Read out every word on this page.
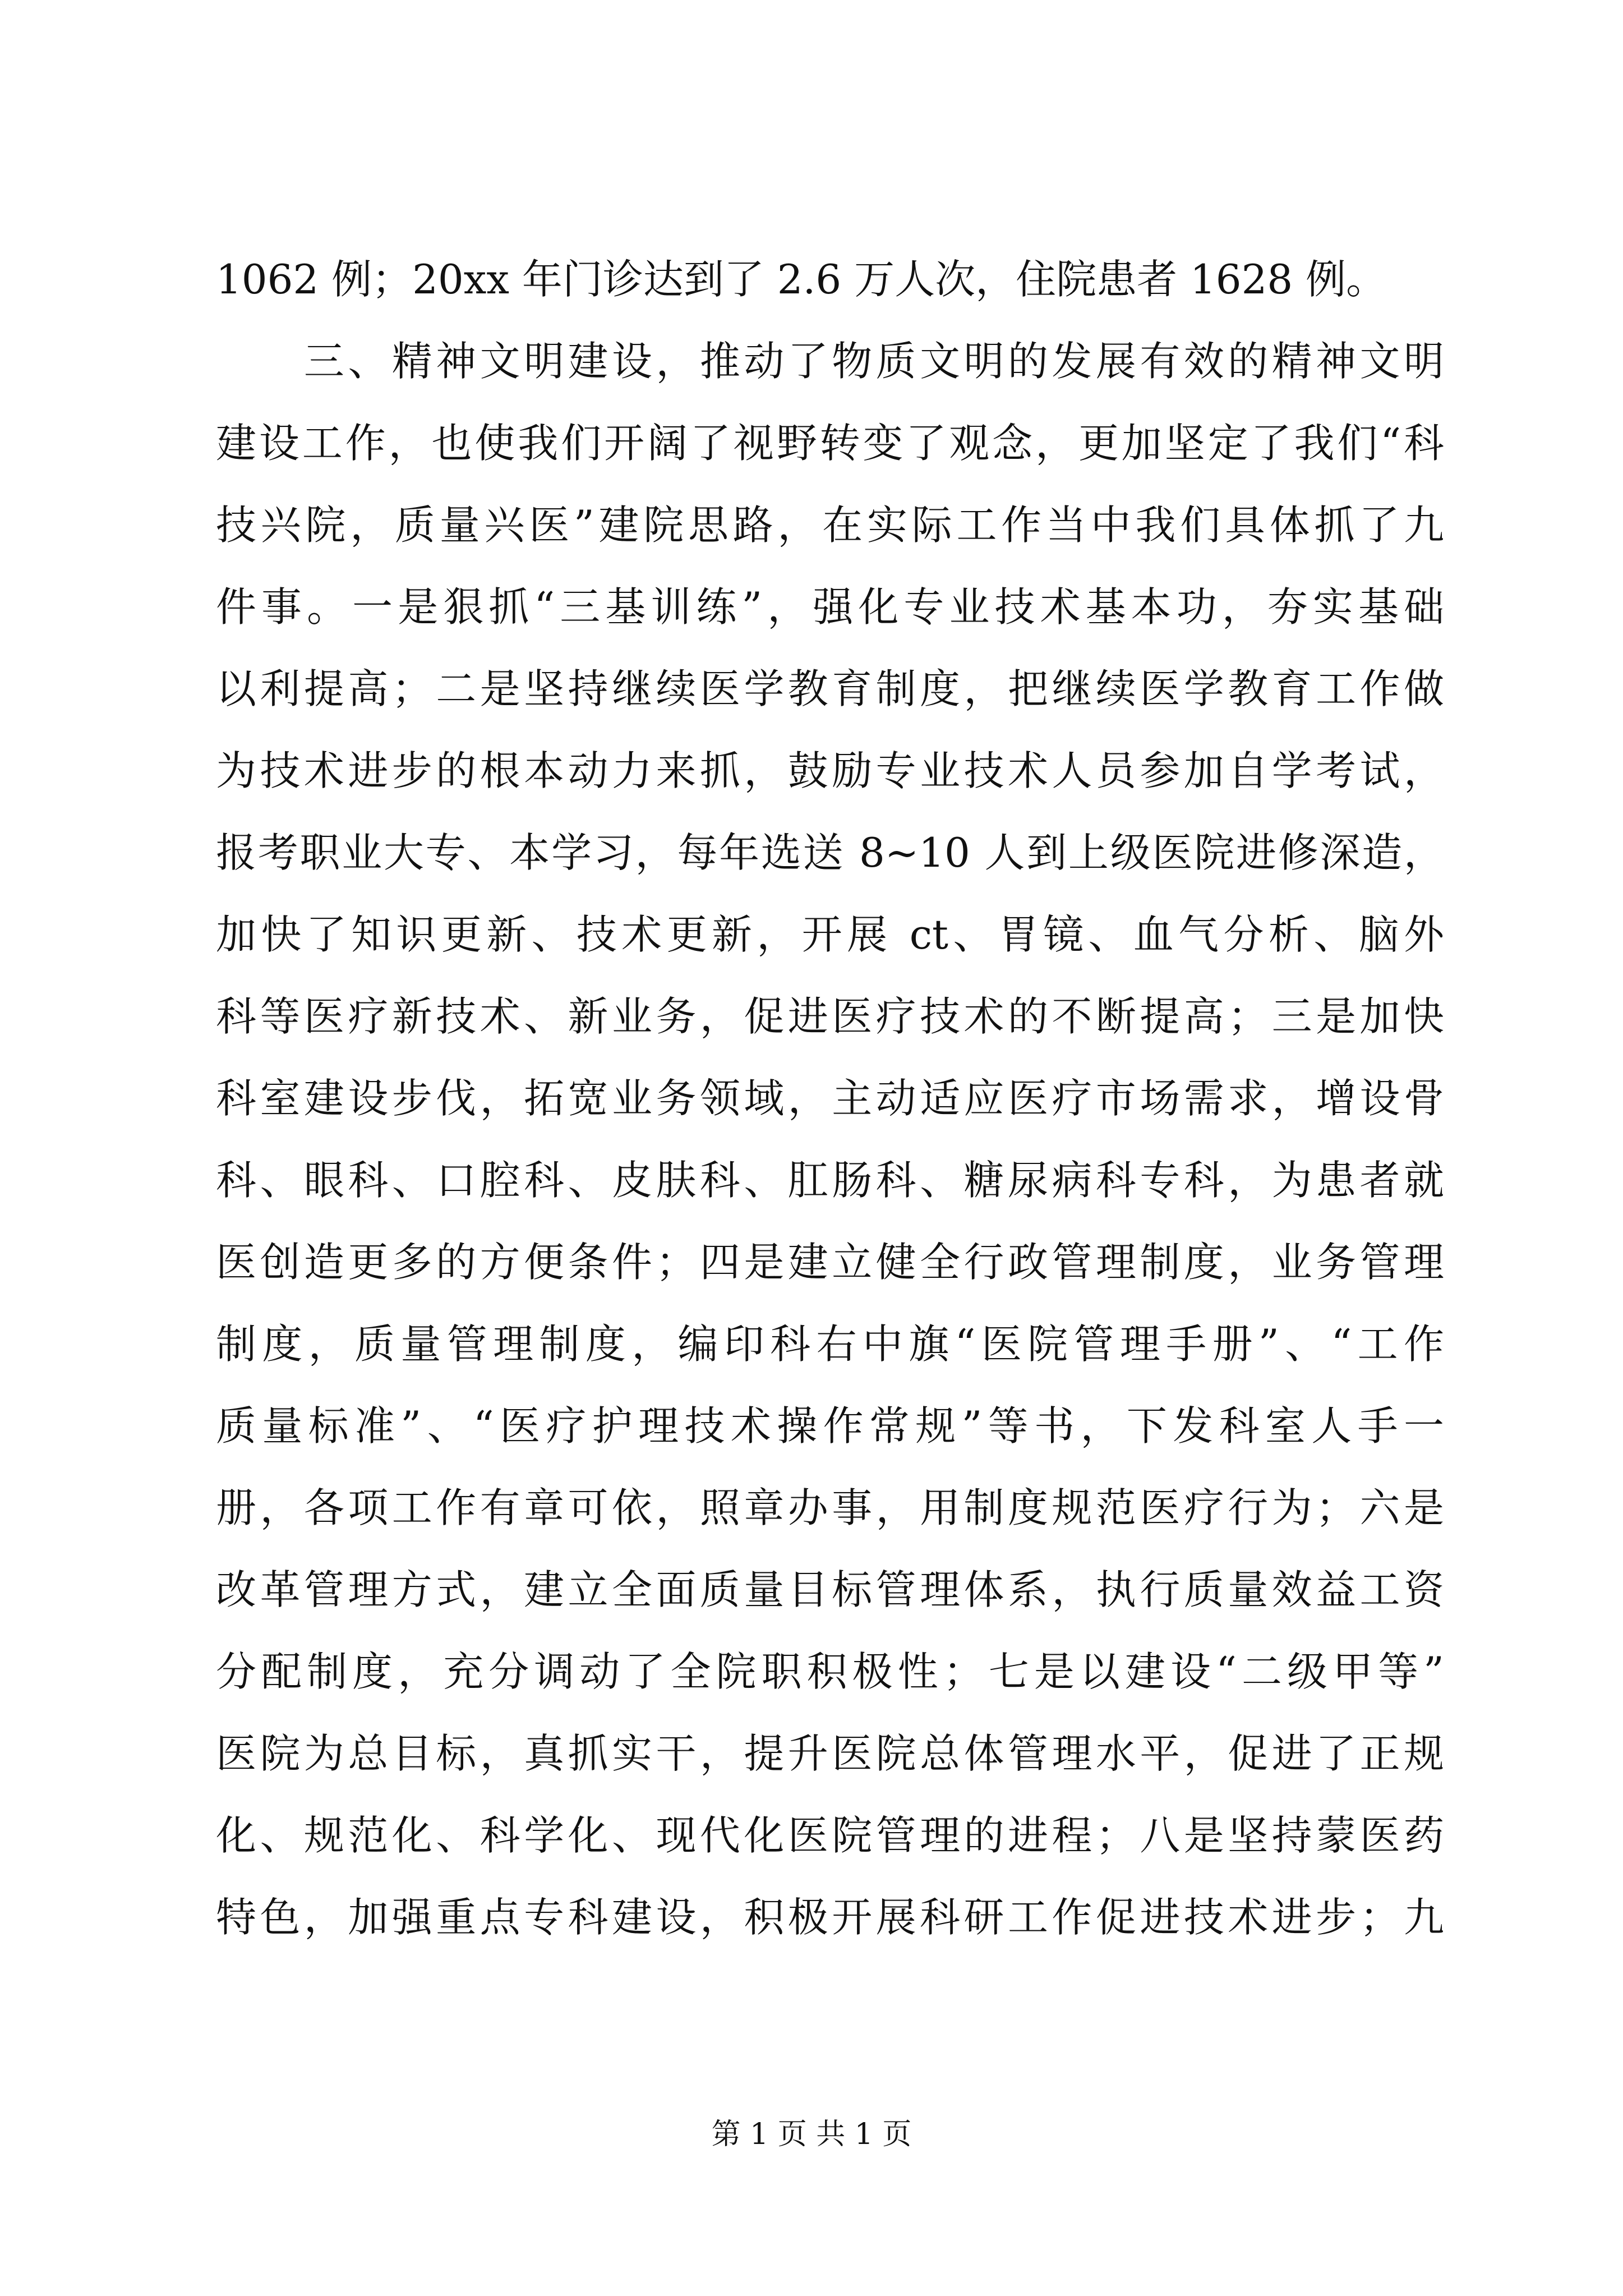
1062 例；20xx 年门诊达到了 2.6 万人次，住院患者 1628 例。
　　三、精神文明建设，推动了物质文明的发展有效的精神文明
建设工作，也使我们开阔了视野转变了观念，更加坚定了我们“科
技兴院，质量兴医”建院思路，在实际工作当中我们具体抓了九
件事。一是狠抓“三基训练”，强化专业技术基本功，夯实基础
以利提高；二是坚持继续医学教育制度，把继续医学教育工作做
为技术进步的根本动力来抓，鼓励专业技术人员参加自学考试，
报考职业大专、本学习，每年选送 8~10 人到上级医院进修深造，
加快了知识更新、技术更新，开展 ct、胃镜、血气分析、脑外
科等医疗新技术、新业务，促进医疗技术的不断提高；三是加快
科室建设步伐，拓宽业务领域，主动适应医疗市场需求，增设骨
科、眼科、口腔科、皮肤科、肛肠科、糖尿病科专科，为患者就
医创造更多的方便条件；四是建立健全行政管理制度，业务管理
制度，质量管理制度，编印科右中旗“医院管理手册”、“工作
质量标准”、“医疗护理技术操作常规”等书，下发科室人手一
册，各项工作有章可依，照章办事，用制度规范医疗行为；六是
改革管理方式，建立全面质量目标管理体系，执行质量效益工资
分配制度，充分调动了全院职积极性；七是以建设“二级甲等”
医院为总目标，真抓实干，提升医院总体管理水平，促进了正规
化、规范化、科学化、现代化医院管理的进程；八是坚持蒙医药
特色，加强重点专科建设，积极开展科研工作促进技术进步；九
第 1 页 共 1 页
